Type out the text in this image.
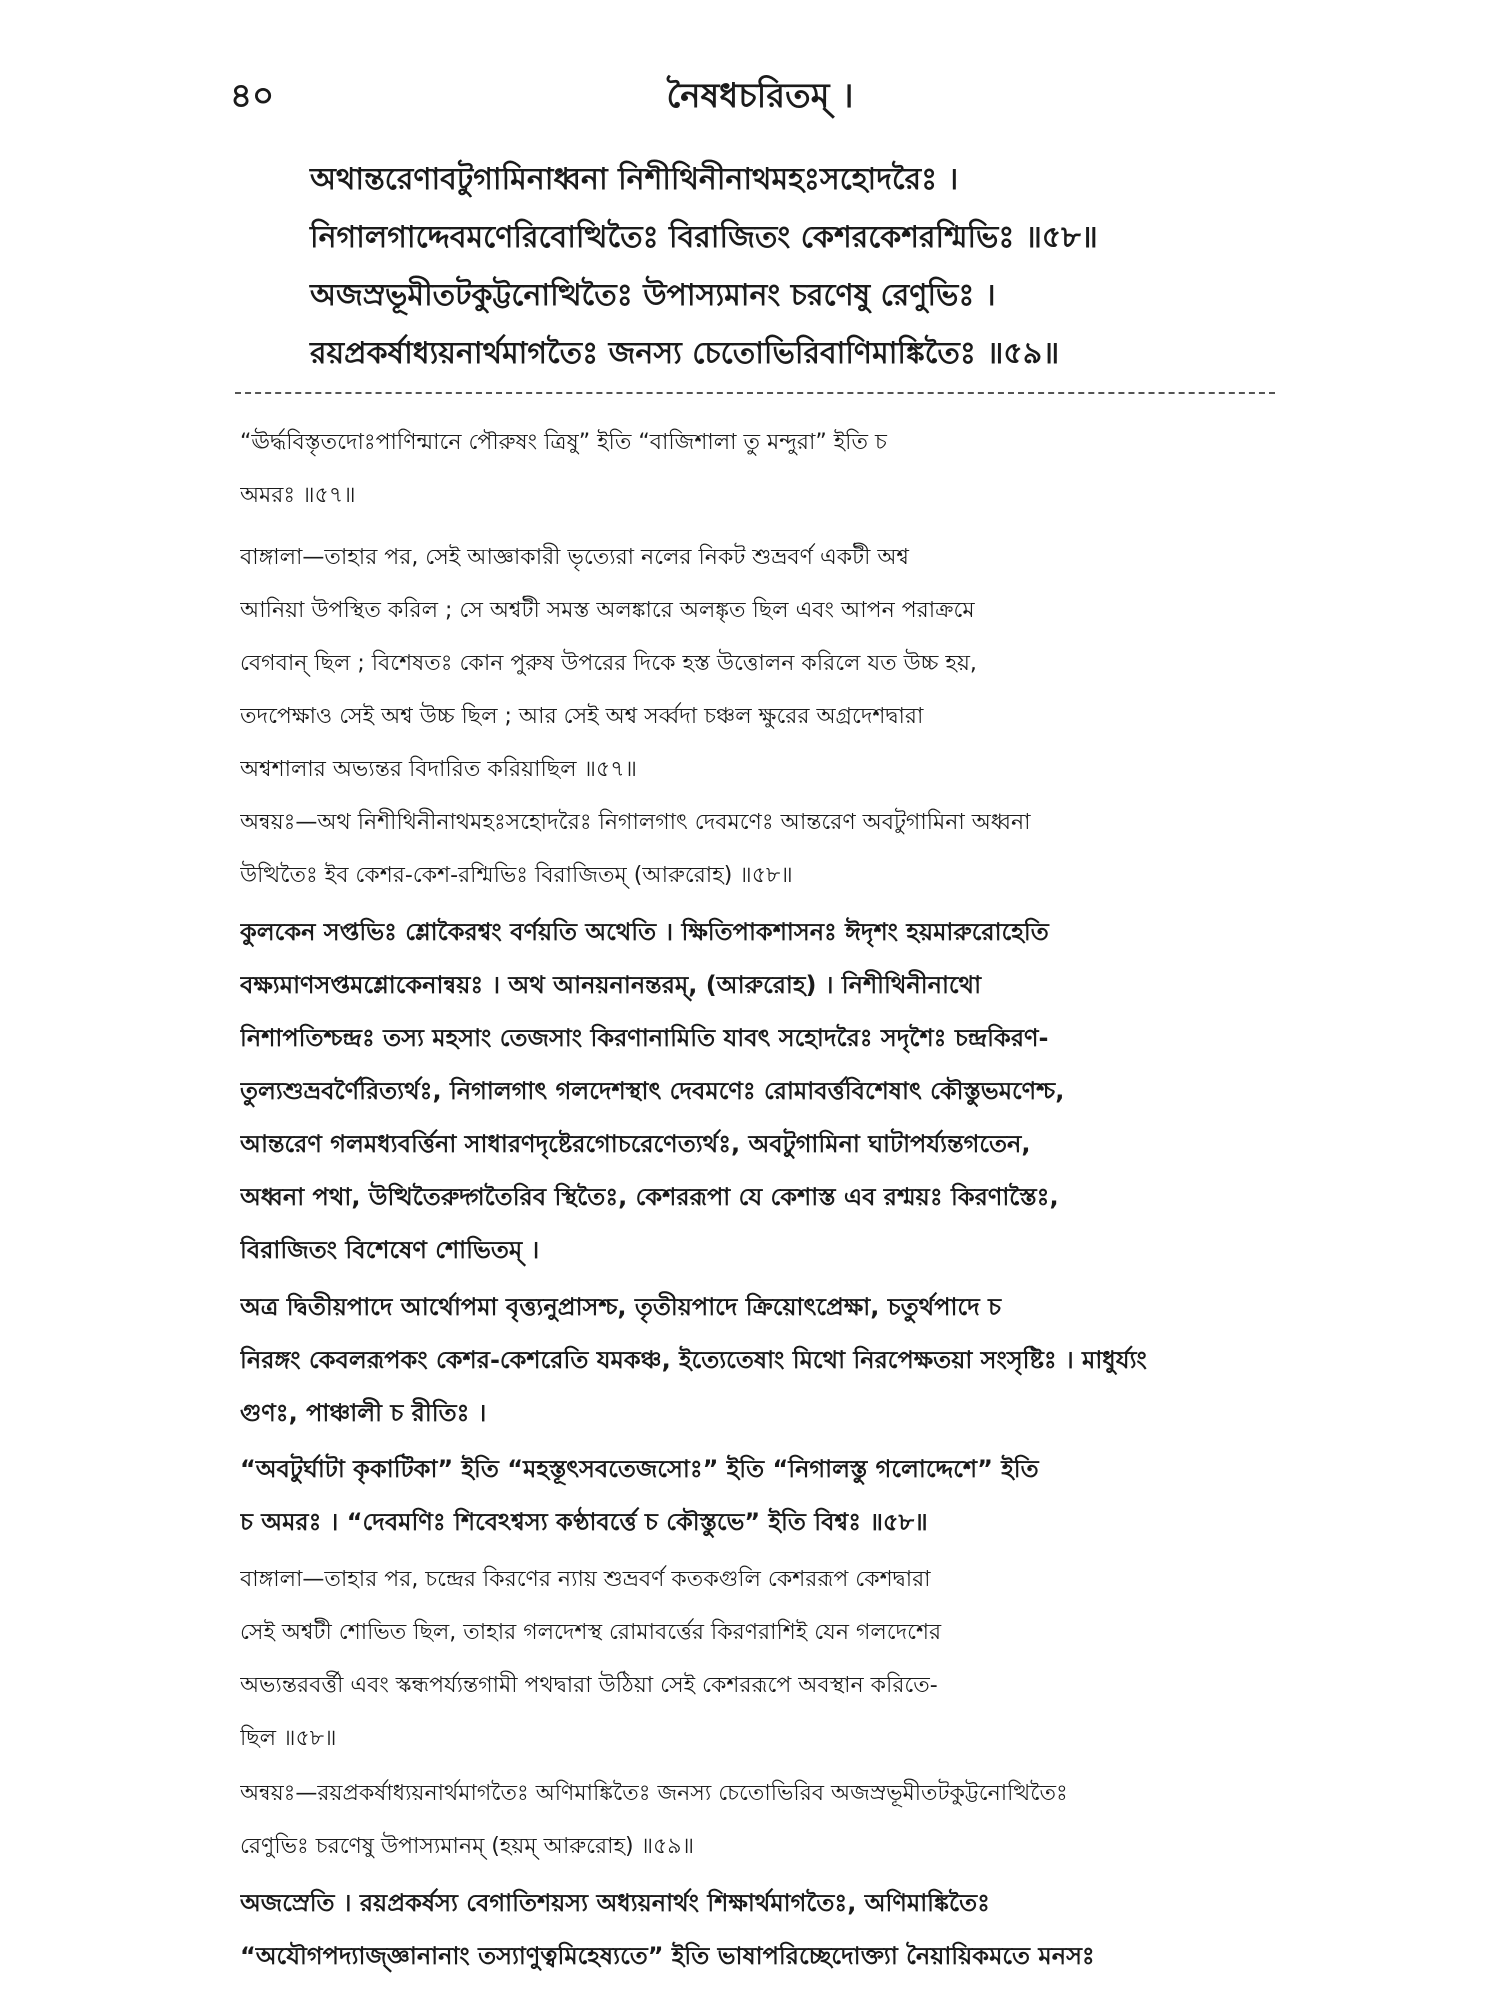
৪০	নৈষধচরিতম্ ।
অথান্তরেণাবটুগামিনাধ্বনা নিশীথিনীনাথমহঃসহোদরৈঃ ।
নিগালগাদ্দেবমণেরিবোত্থিতৈঃ বিরাজিতং কেশরকেশরশ্মিভিঃ ॥৫৮॥
অজস্রভূমীতটকুট্টনোত্থিতৈঃ উপাস্যমানং চরণেষু রেণুভিঃ ।
রয়প্রকর্ষাধ্যয়নার্থমাগতৈঃ জনস্য চেতোভিরিবাণিমাঙ্কিতৈঃ ॥৫৯॥
“ঊর্দ্ধবিস্তৃতদোঃপাণিন্মানে পৌরুষং ত্রিষু” ইতি “বাজিশালা তু মন্দুরা” ইতি চ
অমরঃ ॥৫৭॥
বাঙ্গালা—তাহার পর, সেই আজ্ঞাকারী ভৃত্যেরা নলের নিকট শুভ্রবর্ণ একটী অশ্ব
আনিয়া উপস্থিত করিল ; সে অশ্বটী সমস্ত অলঙ্কারে অলঙ্কৃত ছিল এবং আপন পরাক্রমে
বেগবান্ ছিল ; বিশেষতঃ কোন পুরুষ উপরের দিকে হস্ত উত্তোলন করিলে যত উচ্চ হয়,
তদপেক্ষাও সেই অশ্ব উচ্চ ছিল ; আর সেই অশ্ব সর্ব্বদা চঞ্চল ক্ষুরের অগ্রদেশদ্বারা
অশ্বশালার অভ্যন্তর বিদারিত করিয়াছিল ॥৫৭॥
অন্বয়ঃ—অথ নিশীথিনীনাথমহঃসহোদরৈঃ নিগালগাৎ দেবমণেঃ আন্তরেণ অবটুগামিনা অধ্বনা
উত্থিতৈঃ ইব কেশর-কেশ-রশ্মিভিঃ বিরাজিতম্ (আরুরোহ) ॥৫৮॥
কুলকেন সপ্তভিঃ শ্লোকৈরশ্বং বর্ণয়তি অথেতি । ক্ষিতিপাকশাসনঃ ঈদৃশং হয়মারুরোহেতি
বক্ষ্যমাণসপ্তমশ্লোকেনান্বয়ঃ । অথ আনয়নানন্তরম্, (আরুরোহ) । নিশীথিনীনাথো
নিশাপতিশ্চন্দ্রঃ তস্য মহসাং তেজসাং কিরণানামিতি যাবৎ সহোদরৈঃ সদৃশৈঃ চন্দ্রকিরণ-
তুল্যশুভ্রবর্ণৈরিত্যর্থঃ, নিগালগাৎ গলদেশস্থাৎ দেবমণেঃ রোমাবর্ত্তবিশেষাৎ কৌস্তুভমণেশ্চ,
আন্তরেণ গলমধ্যবর্ত্তিনা সাধারণদৃষ্টেরগোচরেণেত্যর্থঃ, অবটুগামিনা ঘাটাপর্য্যন্তগতেন,
অধ্বনা পথা, উত্থিতৈরুদ্গতৈরিব স্থিতৈঃ, কেশররূপা যে কেশাস্ত এব রশ্ময়ঃ কিরণাস্তৈঃ,
বিরাজিতং বিশেষেণ শোভিতম্ ।
অত্র দ্বিতীয়পাদে আর্থোপমা বৃত্ত্যনুপ্রাসশ্চ, তৃতীয়পাদে ক্রিয়োৎপ্রেক্ষা, চতুর্থপাদে চ
নিরঙ্গং কেবলরূপকং কেশর-কেশরেতি যমকঞ্চ, ইত্যেতেষাং মিথো নিরপেক্ষতয়া সংসৃষ্টিঃ । মাধুর্য্যং
গুণঃ, পাঞ্চালী চ রীতিঃ ।
“অবটুর্ঘাটা কৃকাটিকা” ইতি “মহস্তূৎসবতেজসোঃ” ইতি “নিগালস্তু গলোদ্দেশে” ইতি
চ অমরঃ । “দেবমণিঃ শিবেঽশ্বস্য কণ্ঠাবর্ত্তে চ কৌস্তুভে” ইতি বিশ্বঃ ॥৫৮॥
বাঙ্গালা—তাহার পর, চন্দ্রের কিরণের ন্যায় শুভ্রবর্ণ কতকগুলি কেশররূপ কেশদ্বারা
সেই অশ্বটী শোভিত ছিল, তাহার গলদেশস্থ রোমাবর্ত্তের কিরণরাশিই যেন গলদেশের
অভ্যন্তরবর্ত্তী এবং স্কন্ধপর্য্যন্তগামী পথদ্বারা উঠিয়া সেই কেশররূপে অবস্থান করিতে-
ছিল ॥৫৮॥
অন্বয়ঃ—রয়প্রকর্ষাধ্যয়নার্থমাগতৈঃ অণিমাঙ্কিতৈঃ জনস্য চেতোভিরিব অজস্রভূমীতটকুট্টনোত্থিতৈঃ
রেণুভিঃ চরণেষু উপাস্যমানম্ (হয়ম্ আরুরোহ) ॥৫৯॥
অজস্রেতি । রয়প্রকর্ষস্য বেগাতিশয়স্য অধ্যয়নার্থং শিক্ষার্থমাগতৈঃ, অণিমাঙ্কিতৈঃ
“অযৌগপদ্যাজ্জ্ঞানানাং তস্যাণুত্বমিহেষ্যতে” ইতি ভাষাপরিচ্ছেদোক্ত্যা নৈয়ায়িকমতে মনসঃ
